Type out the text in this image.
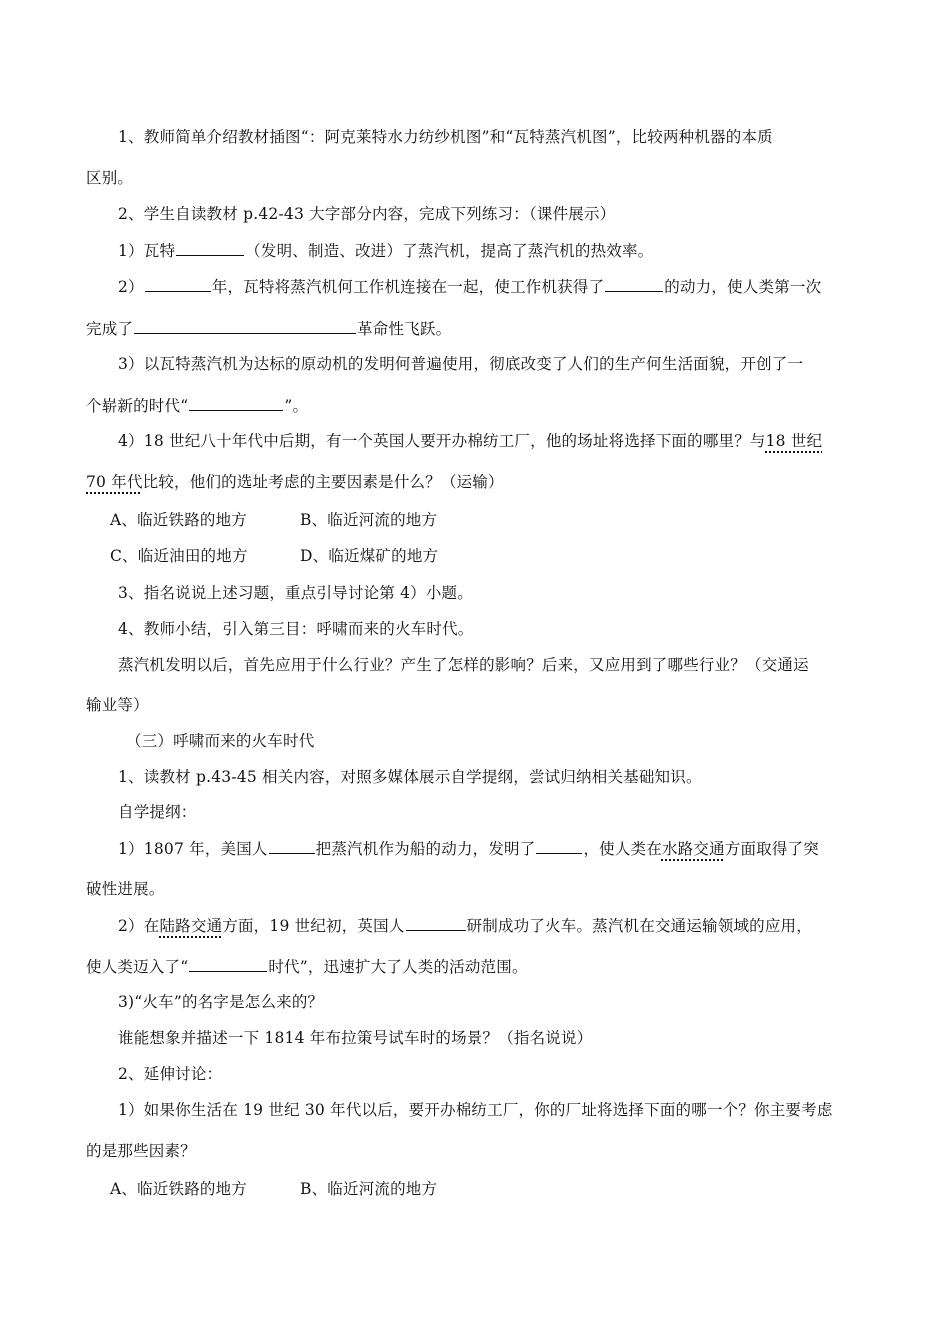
1、教师简单介绍教材插图“：阿克莱特水力纺纱机图”和“瓦特蒸汽机图”，比较两种机器的本质
区别。
2、学生自读教材 p.42-43 大字部分内容，完成下列练习：（课件展示）
1）瓦特	（发明、制造、改进）了蒸汽机，提高了蒸汽机的热效率。
2）	年，瓦特将蒸汽机何工作机连接在一起，使工作机获得了	的动力，使人类第一次
完成了	革命性飞跃。
3）以瓦特蒸汽机为达标的原动机的发明何普遍使用，彻底改变了人们的生产何生活面貌，开创了一
个崭新的时代“	”。
4）18 世纪八十年代中后期，有一个英国人要开办棉纺工厂，他的场址将选择下面的哪里？与18 世纪
70 年代比较，他们的选址考虑的主要因素是什么？（运输）
A、临近铁路的地方	B、临近河流的地方
C、临近油田的地方	D、临近煤矿的地方
3、指名说说上述习题，重点引导讨论第 4）小题。
4、教师小结，引入第三目：呼啸而来的火车时代。
蒸汽机发明以后，首先应用于什么行业？产生了怎样的影响？后来，又应用到了哪些行业？（交通运
输业等）
（三）呼啸而来的火车时代
1、读教材 p.43-45 相关内容，对照多媒体展示自学提纲，尝试归纳相关基础知识。
自学提纲：
1）1807 年，美国人	把蒸汽机作为船的动力，发明了	，使人类在水路交通方面取得了突
破性进展。
2）在陆路交通方面，19 世纪初，英国人	研制成功了火车。蒸汽机在交通运输领域的应用，
使人类迈入了“	时代”，迅速扩大了人类的活动范围。
3)“火车”的名字是怎么来的？
谁能想象并描述一下 1814 年布拉策号试车时的场景？（指名说说）
2、延伸讨论：
1）如果你生活在 19 世纪 30 年代以后，要开办棉纺工厂，你的厂址将选择下面的哪一个？你主要考虑
的是那些因素？
A、临近铁路的地方	B、临近河流的地方
